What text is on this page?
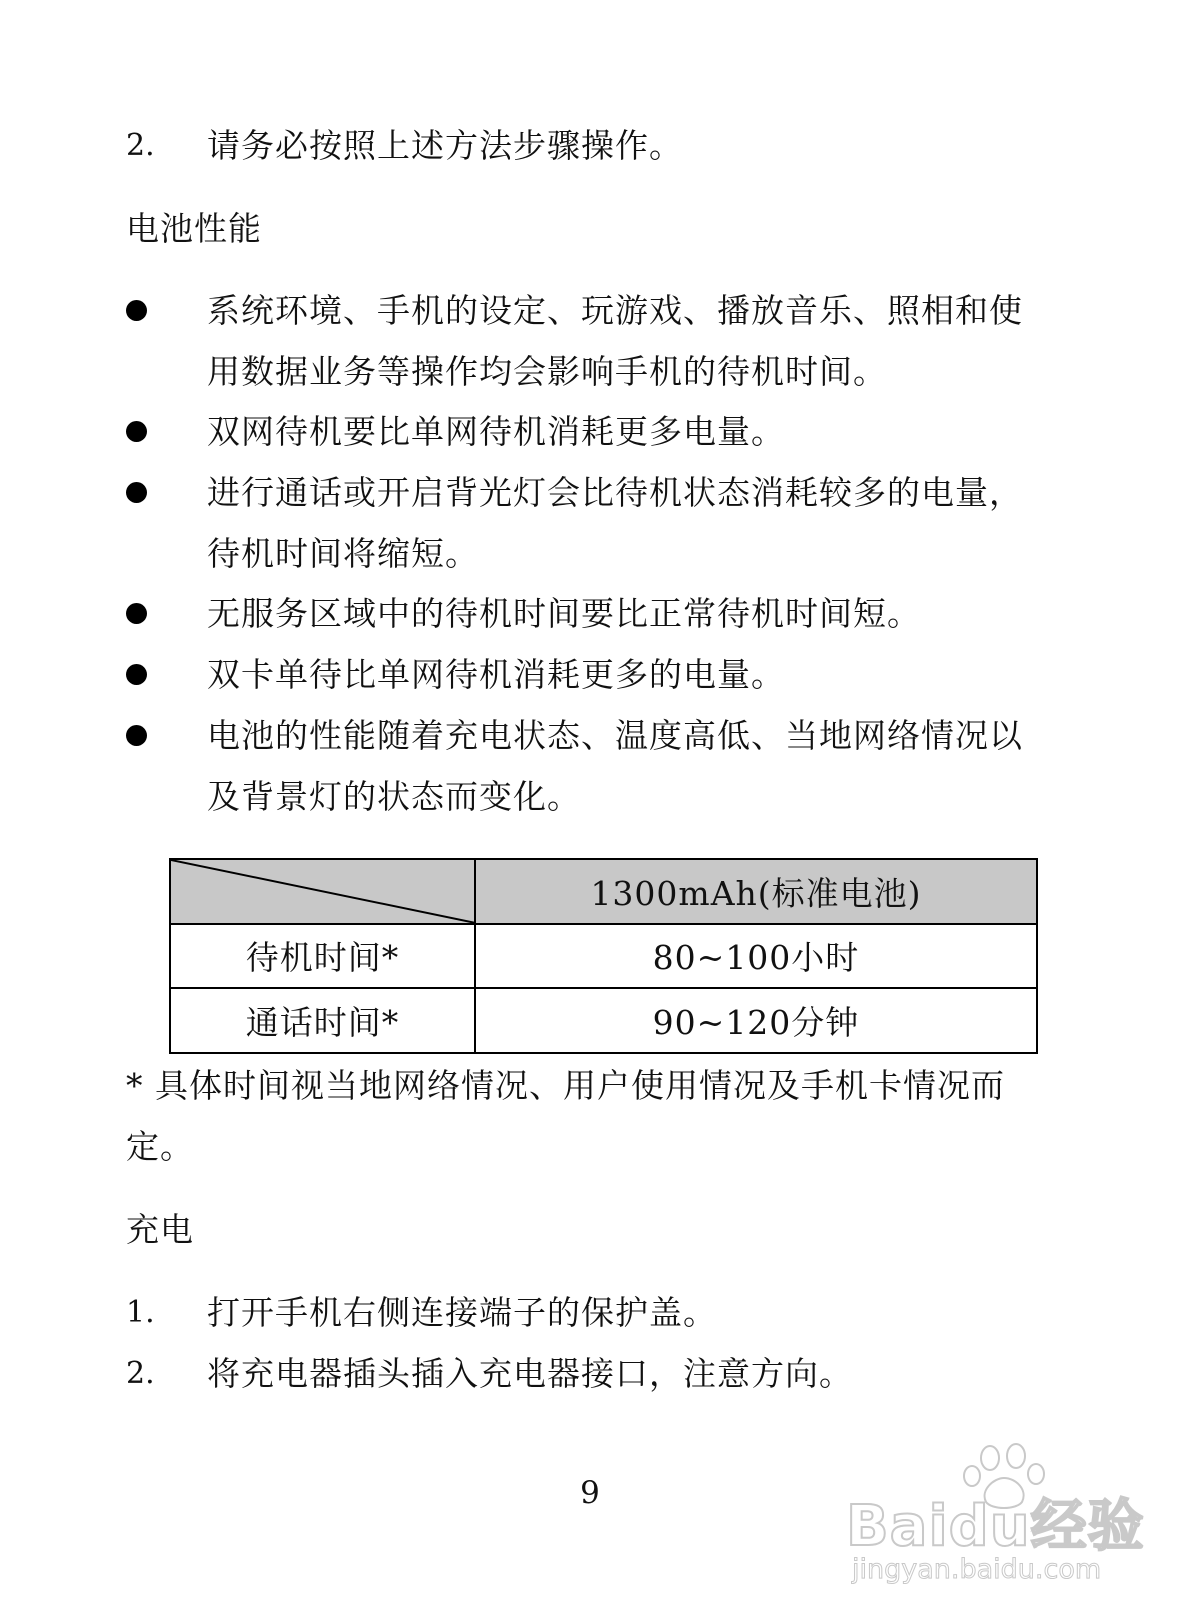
2. 请务必按照上述方法步骤操作。
电池性能
系统环境、手机的设定、玩游戏、播放音乐、照相和使
用数据业务等操作均会影响手机的待机时间。
双网待机要比单网待机消耗更多电量。
进行通话或开启背光灯会比待机状态消耗较多的电量，
待机时间将缩短。
无服务区域中的待机时间要比正常待机时间短。
双卡单待比单网待机消耗更多的电量。
电池的性能随着充电状态、温度高低、当地网络情况以
及背景灯的状态而变化。
	1300mAh(标准电池)
待机时间*	80~100小时
通话时间*	90~120分钟
* 具体时间视当地网络情况、用户使用情况及手机卡情况而
定。
充电
1. 打开手机右侧连接端子的保护盖。
2. 将充电器插头插入充电器接口，注意方向。
9
Baidu经验
jingyan.baidu.com
